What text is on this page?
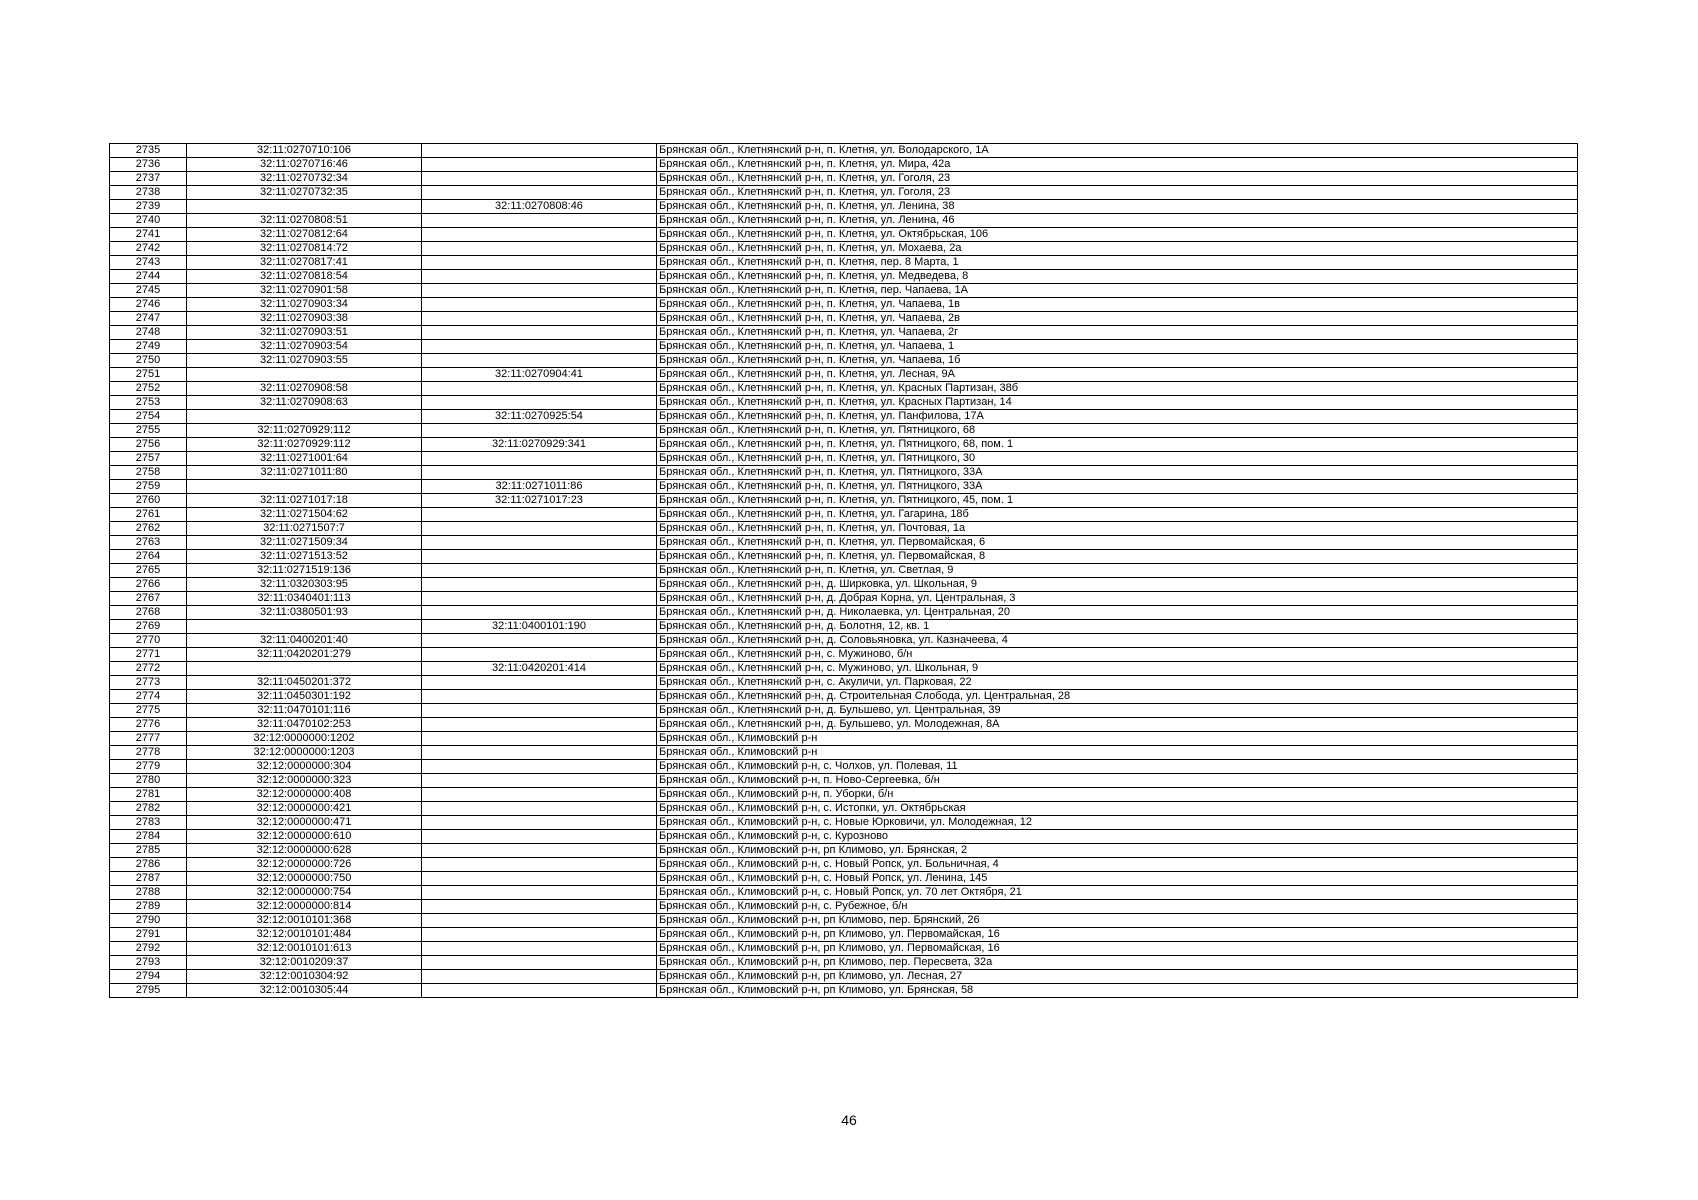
2735	32:11:0270710:106		Брянская обл., Клетнянский р-н, п. Клетня, ул. Володарского, 1А
2736	32:11:0270716:46		Брянская обл., Клетнянский р-н, п. Клетня, ул. Мира, 42а
2737	32:11:0270732:34		Брянская обл., Клетнянский р-н, п. Клетня, ул. Гоголя, 23
2738	32:11:0270732:35		Брянская обл., Клетнянский р-н, п. Клетня, ул. Гоголя, 23
2739		32:11:0270808:46	Брянская обл., Клетнянский р-н, п. Клетня, ул. Ленина, 38
2740	32:11:0270808:51		Брянская обл., Клетнянский р-н, п. Клетня, ул. Ленина, 46
2741	32:11:0270812:64		Брянская обл., Клетнянский р-н, п. Клетня, ул. Октябрьская, 106
2742	32:11:0270814:72		Брянская обл., Клетнянский р-н, п. Клетня, ул. Мохаева, 2а
2743	32:11:0270817:41		Брянская обл., Клетнянский р-н, п. Клетня, пер. 8 Марта, 1
2744	32:11:0270818:54		Брянская обл., Клетнянский р-н, п. Клетня, ул. Медведева, 8
2745	32:11:0270901:58		Брянская обл., Клетнянский р-н, п. Клетня, пер. Чапаева, 1А
2746	32:11:0270903:34		Брянская обл., Клетнянский р-н, п. Клетня, ул. Чапаева, 1в
2747	32:11:0270903:38		Брянская обл., Клетнянский р-н, п. Клетня, ул. Чапаева, 2в
2748	32:11:0270903:51		Брянская обл., Клетнянский р-н, п. Клетня, ул. Чапаева, 2г
2749	32:11:0270903:54		Брянская обл., Клетнянский р-н, п. Клетня, ул. Чапаева, 1
2750	32:11:0270903:55		Брянская обл., Клетнянский р-н, п. Клетня, ул. Чапаева, 1б
2751		32:11:0270904:41	Брянская обл., Клетнянский р-н, п. Клетня, ул. Лесная, 9А
2752	32:11:0270908:58		Брянская обл., Клетнянский р-н, п. Клетня, ул. Красных Партизан, 38б
2753	32:11:0270908:63		Брянская обл., Клетнянский р-н, п. Клетня, ул. Красных Партизан, 14
2754		32:11:0270925:54	Брянская обл., Клетнянский р-н, п. Клетня, ул. Панфилова, 17А
2755	32:11:0270929:112		Брянская обл., Клетнянский р-н, п. Клетня, ул. Пятницкого, 68
2756	32:11:0270929:112	32:11:0270929:341	Брянская обл., Клетнянский р-н, п. Клетня, ул. Пятницкого, 68, пом. 1
2757	32:11:0271001:64		Брянская обл., Клетнянский р-н, п. Клетня, ул. Пятницкого, 30
2758	32:11:0271011:80		Брянская обл., Клетнянский р-н, п. Клетня, ул. Пятницкого, 33А
2759		32:11:0271011:86	Брянская обл., Клетнянский р-н, п. Клетня, ул. Пятницкого, 33А
2760	32:11:0271017:18	32:11:0271017:23	Брянская обл., Клетнянский р-н, п. Клетня, ул. Пятницкого, 45, пом. 1
2761	32:11:0271504:62		Брянская обл., Клетнянский р-н, п. Клетня, ул. Гагарина, 18б
2762	32:11:0271507:7		Брянская обл., Клетнянский р-н, п. Клетня, ул. Почтовая, 1а
2763	32:11:0271509:34		Брянская обл., Клетнянский р-н, п. Клетня, ул. Первомайская, 6
2764	32:11:0271513:52		Брянская обл., Клетнянский р-н, п. Клетня, ул. Первомайская, 8
2765	32:11:0271519:136		Брянская обл., Клетнянский р-н, п. Клетня, ул. Светлая, 9
2766	32:11:0320303:95		Брянская обл., Клетнянский р-н, д. Ширковка, ул. Школьная, 9
2767	32:11:0340401:113		Брянская обл., Клетнянский р-н, д. Добрая Корна, ул. Центральная, 3
2768	32:11:0380501:93		Брянская обл., Клетнянский р-н, д. Николаевка, ул. Центральная, 20
2769		32:11:0400101:190	Брянская обл., Клетнянский р-н, д. Болотня, 12, кв. 1
2770	32:11:0400201:40		Брянская обл., Клетнянский р-н, д. Соловьяновка, ул. Казначеева, 4
2771	32:11:0420201:279		Брянская обл., Клетнянский р-н, с. Мужиново, б/н
2772		32:11:0420201:414	Брянская обл., Клетнянский р-н, с. Мужиново, ул. Школьная, 9
2773	32:11:0450201:372		Брянская обл., Клетнянский р-н, с. Акуличи, ул. Парковая, 22
2774	32:11:0450301:192		Брянская обл., Клетнянский р-н, д. Строительная Слобода, ул. Центральная, 28
2775	32:11:0470101:116		Брянская обл., Клетнянский р-н, д. Бульшево, ул. Центральная, 39
2776	32:11:0470102:253		Брянская обл., Клетнянский р-н, д. Бульшево, ул. Молодежная, 8А
2777	32:12:0000000:1202		Брянская обл., Климовский р-н
2778	32:12:0000000:1203		Брянская обл., Климовский р-н
2779	32:12:0000000:304		Брянская обл., Климовский р-н, с. Чолхов, ул. Полевая, 11
2780	32:12:0000000:323		Брянская обл., Климовский р-н, п. Ново-Сергеевка, б/н
2781	32:12:0000000:408		Брянская обл., Климовский р-н, п. Уборки, б/н
2782	32:12:0000000:421		Брянская обл., Климовский р-н, с. Истопки, ул. Октябрьская
2783	32:12:0000000:471		Брянская обл., Климовский р-н, с. Новые Юрковичи, ул. Молодежная, 12
2784	32:12:0000000:610		Брянская обл., Климовский р-н, с. Курозново
2785	32:12:0000000:628		Брянская обл., Климовский р-н, рп Климово, ул. Брянская, 2
2786	32:12:0000000:726		Брянская обл., Климовский р-н, с. Новый Ропск, ул. Больничная, 4
2787	32:12:0000000:750		Брянская обл., Климовский р-н, с. Новый Ропск, ул. Ленина, 145
2788	32:12:0000000:754		Брянская обл., Климовский р-н, с. Новый Ропск, ул. 70 лет Октября, 21
2789	32:12:0000000:814		Брянская обл., Климовский р-н, с. Рубежное, б/н
2790	32:12:0010101:368		Брянская обл., Климовский р-н, рп Климово, пер. Брянский, 26
2791	32:12:0010101:484		Брянская обл., Климовский р-н, рп Климово, ул. Первомайская, 16
2792	32:12:0010101:613		Брянская обл., Климовский р-н, рп Климово, ул. Первомайская, 16
2793	32:12:0010209:37		Брянская обл., Климовский р-н, рп Климово, пер. Пересвета, 32а
2794	32:12:0010304:92		Брянская обл., Климовский р-н, рп Климово, ул. Лесная, 27
2795	32:12:0010305:44		Брянская обл., Климовский р-н, рп Климово, ул. Брянская, 58
46
